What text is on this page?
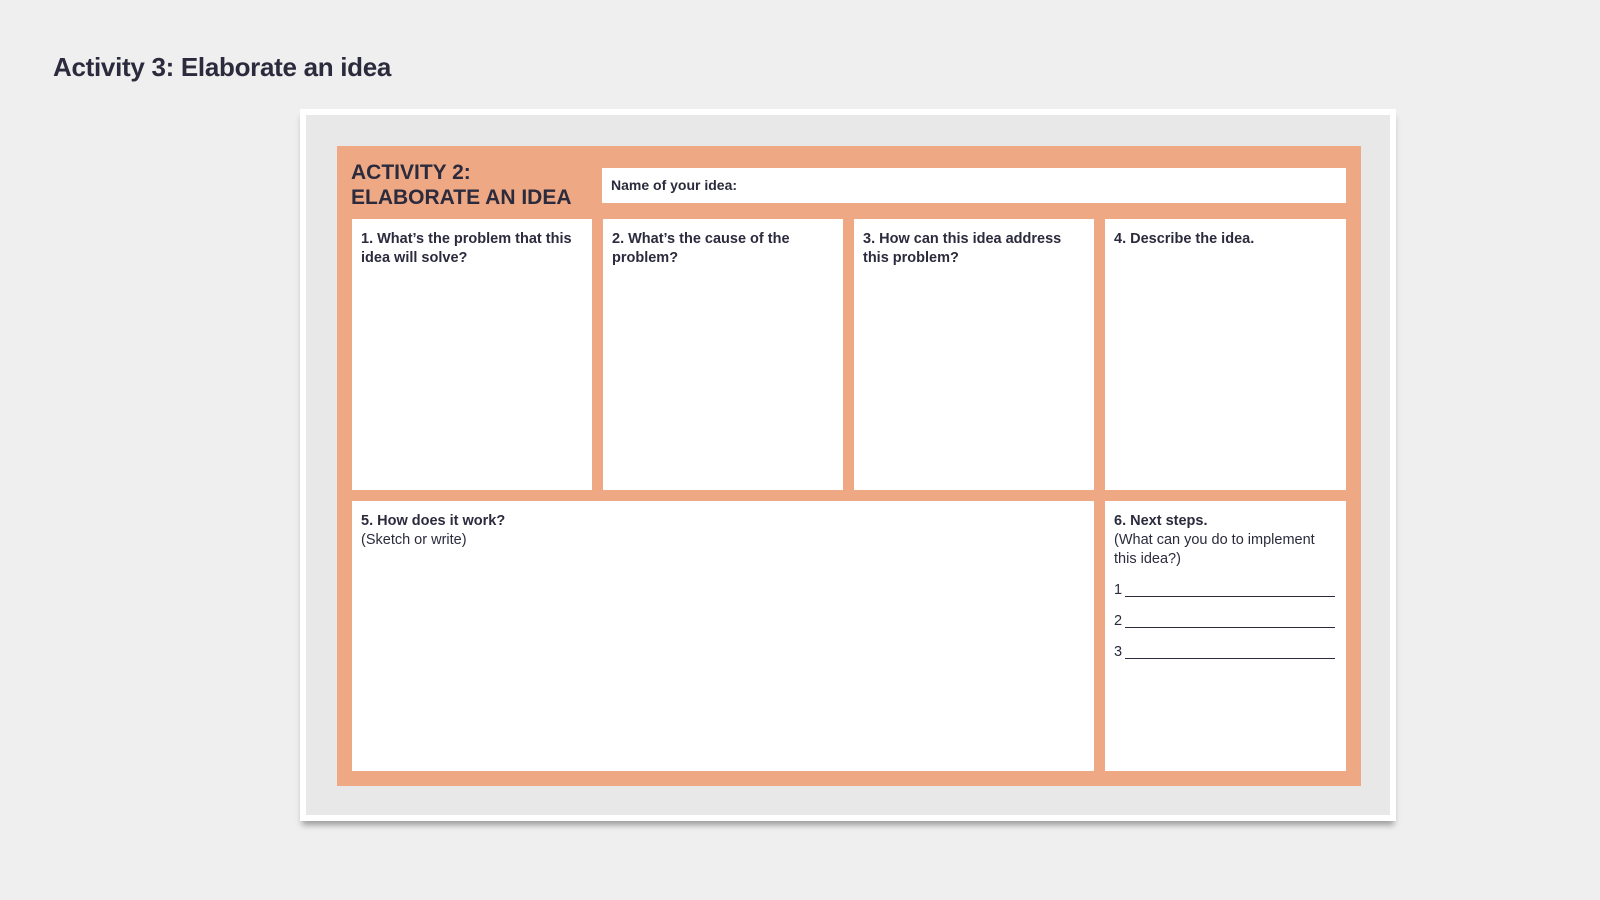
Activity 3: Elaborate an idea
ACTIVITY 2:
ELABORATE AN IDEA
Name of your idea:
1. What’s the problem that this idea will solve?
2. What’s the cause of the problem?
3. How can this idea address this problem?
4. Describe the idea.
5. How does it work?
(Sketch or write)
6. Next steps.
(What can you do to implement this idea?)
1
2
3
